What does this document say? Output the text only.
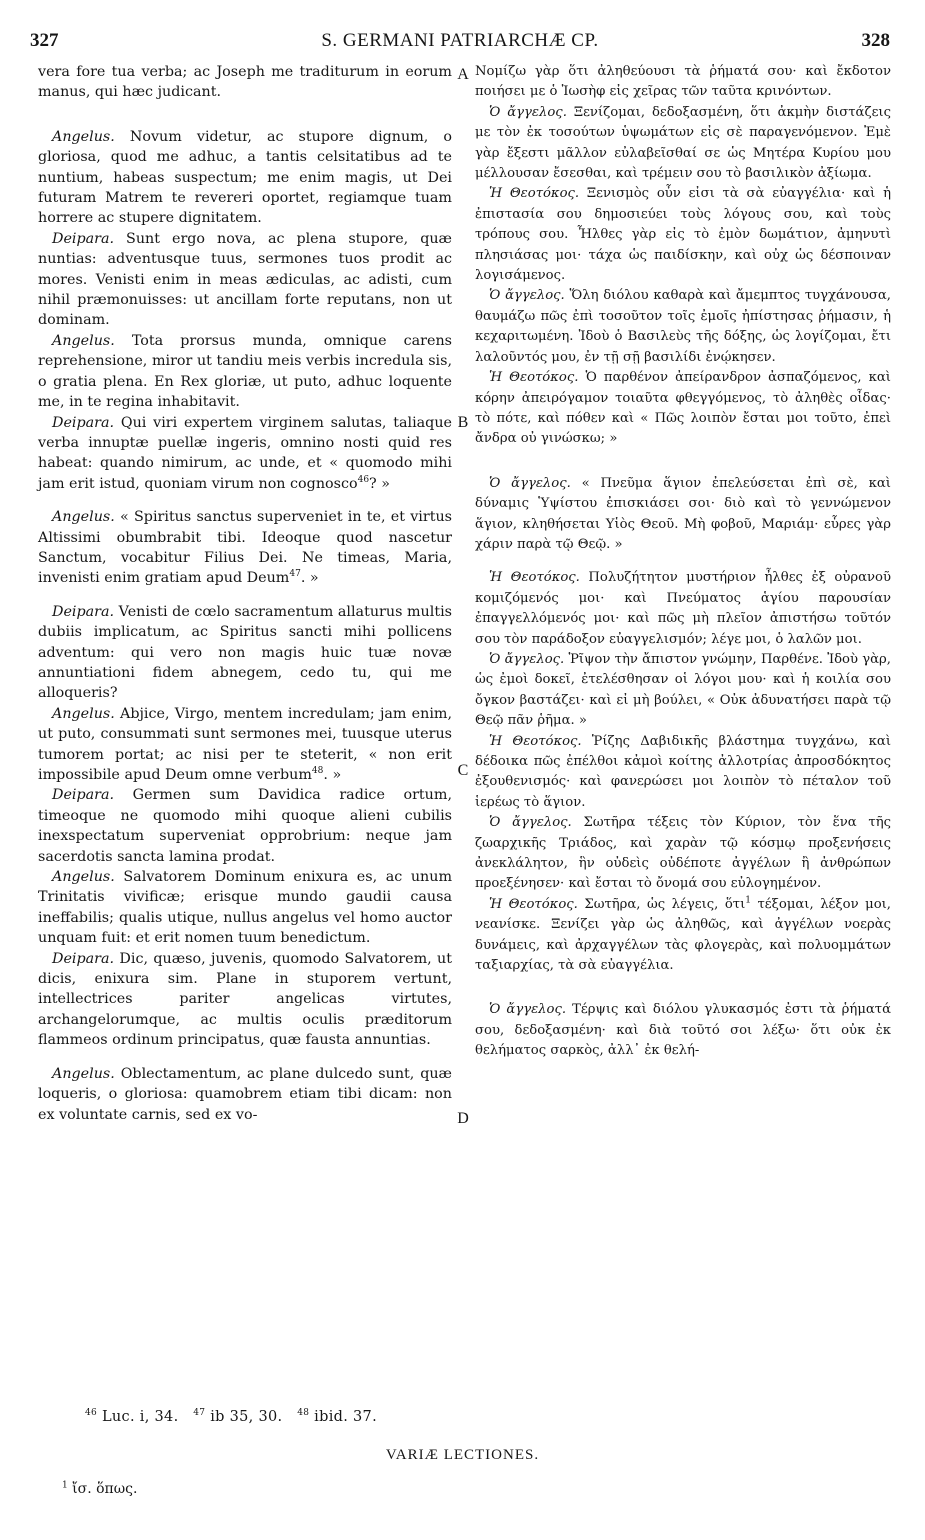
327	S. GERMANI PATRIARCHÆ CP.	328

vera fore tua verba; ac Joseph me traditurum in eorum manus, qui hæc judicant.

Angelus. Novum videtur, ac stupore dignum, o gloriosa, quod me adhuc, a tantis celsitatibus ad te nuntium, habeas suspectum; me enim magis, ut Dei futuram Matrem te revereri oportet, regiamque tuam horrere ac stupere dignitatem.

Deipara. Sunt ergo nova, ac plena stupore, quæ nuntias: adventusque tuus, sermones tuos prodit ac mores. Venisti enim in meas ædiculas, ac adisti, cum nihil præmonuisses: ut ancillam forte reputans, non ut dominam.

Angelus. Tota prorsus munda, omnique carens reprehensione, miror ut tandiu meis verbis incredula sis, o gratia plena. En Rex gloriæ, ut puto, adhuc loquente me, in te regina inhabitavit.

Deipara. Qui viri expertem virginem salutas, taliaque verba innuptæ puellæ ingeris, omnino nosti quid res habeat: quando nimirum, ac unde, et « quomodo mihi jam erit istud, quoniam virum non cognosco$^{46}$? »

Angelus. « Spiritus sanctus superveniet in te, et virtus Altissimi obumbrabit tibi. Ideoque quod nascetur Sanctum, vocabitur Filius Dei. Ne timeas, Maria, invenisti enim gratiam apud Deum$^{47}$. »

Deipara. Venisti de cœlo sacramentum allaturus multis dubiis implicatum, ac Spiritus sancti mihi pollicens adventum: qui vero non magis huic tuæ novæ annuntiationi fidem abnegem, cedo tu, qui me alloqueris?

Angelus. Abjice, Virgo, mentem incredulam; jam enim, ut puto, consummati sunt sermones mei, tuusque uterus tumorem portat; ac nisi per te steterit, « non erit impossibile apud Deum omne verbum$^{48}$. »

Deipara. Germen sum Davidica radice ortum, timeoque ne quomodo mihi quoque alieni cubilis inexspectatum superveniat opprobrium: neque jam sacerdotis sancta lamina prodat.

Angelus. Salvatorem Dominum enixura es, ac unum Trinitatis vivificæ; erisque mundo gaudii causa ineffabilis; qualis utique, nullus angelus vel homo auctor unquam fuit: et erit nomen tuum benedictum.

Deipara. Dic, quæso, juvenis, quomodo Salvatorem, ut dicis, enixura sim. Plane in stuporem vertunt, intellectrices pariter angelicas virtutes, archangelorumque, ac multis oculis præditorum flammeos ordinum principatus, quæ fausta annuntias.

Angelus. Oblectamentum, ac plane dulcedo sunt, quæ loqueris, o gloriosa: quamobrem etiam tibi dicam: non ex voluntate carnis, sed ex vo-

A
B
C
D

Νομίζω γὰρ ὅτι ἀληθεύουσι τὰ ῥήματά σου· καὶ ἔκδοτον ποιήσει με ὁ Ἰωσὴφ εἰς χεῖρας τῶν ταῦτα κρινόντων.

Ὁ ἄγγελος. Ξενίζομαι, δεδοξασμένη, ὅτι ἀκμὴν διστάζεις με τὸν ἐκ τοσούτων ὑψωμάτων εἰς σὲ παραγενόμενον. Ἐμὲ γὰρ ἔξεστι μᾶλλον εὐλαβεῖσθαί σε ὡς Μητέρα Κυρίου μου μέλλουσαν ἔσεσθαι, καὶ τρέμειν σου τὸ βασιλικὸν ἀξίωμα.

Ἡ Θεοτόκος. Ξενισμὸς οὖν εἰσι τὰ σὰ εὐαγγέλια· καὶ ἡ ἐπιστασία σου δημοσιεύει τοὺς λόγους σου, καὶ τοὺς τρόπους σου. Ἦλθες γὰρ εἰς τὸ ἐμὸν δωμάτιον, ἀμηνυτὶ πλησιάσας μοι· τάχα ὡς παιδίσκην, καὶ οὐχ ὡς δέσποιναν λογισάμενος.

Ὁ ἄγγελος. Ὅλη διόλου καθαρὰ καὶ ἄμεμπτος τυγχάνουσα, θαυμάζω πῶς ἐπὶ τοσοῦτον τοῖς ἐμοῖς ἠπίστησας ῥήμασιν, ἡ κεχαριτωμένη. Ἰδοὺ ὁ Βασιλεὺς τῆς δόξης, ὡς λογίζομαι, ἔτι λαλοῦντός μου, ἐν τῇ σῇ βασιλίδι ἐνῴκησεν.

Ἡ Θεοτόκος. Ὁ παρθένον ἀπείρανδρον ἀσπαζόμενος, καὶ κόρην ἀπειρόγαμον τοιαῦτα φθεγγόμενος, τὸ ἀληθὲς οἶδας· τὸ πότε, καὶ πόθεν καὶ « Πῶς λοιπὸν ἔσται μοι τοῦτο, ἐπεὶ ἄνδρα οὐ γινώσκω; »

Ὁ ἄγγελος. « Πνεῦμα ἅγιον ἐπελεύσεται ἐπὶ σὲ, καὶ δύναμις Ὑψίστου ἐπισκιάσει σοι· διὸ καὶ τὸ γεννώμενον ἅγιον, κληθήσεται Υἱὸς Θεοῦ. Μὴ φοβοῦ, Μαριάμ· εὗρες γὰρ χάριν παρὰ τῷ Θεῷ. »

Ἡ Θεοτόκος. Πολυζήτητον μυστήριον ἦλθες ἐξ οὐρανοῦ κομιζόμενός μοι· καὶ Πνεύματος ἁγίου παρουσίαν ἐπαγγελλόμενός μοι· καὶ πῶς μὴ πλεῖον ἀπιστήσω τοῦτόν σου τὸν παράδοξον εὐαγγελισμόν; λέγε μοι, ὁ λαλῶν μοι.

Ὁ ἄγγελος. Ῥῖψον τὴν ἄπιστον γνώμην, Παρθένε. Ἰδοὺ γὰρ, ὡς ἐμοὶ δοκεῖ, ἐτελέσθησαν οἱ λόγοι μου· καὶ ἡ κοιλία σου ὄγκον βαστάζει· καὶ εἰ μὴ βούλει, « Οὐκ ἀδυνατήσει παρὰ τῷ Θεῷ πᾶν ῥῆμα. »

Ἡ Θεοτόκος. Ῥίζης Δαβιδικῆς βλάστημα τυγχάνω, καὶ δέδοικα πῶς ἐπέλθοι κἀμοὶ κοίτης ἀλλοτρίας ἀπροσδόκητος ἐξουθενισμός· καὶ φανερώσει μοι λοιπὸν τὸ πέταλον τοῦ ἱερέως τὸ ἅγιον.

Ὁ ἄγγελος. Σωτῆρα τέξεις τὸν Κύριον, τὸν ἕνα τῆς ζωαρχικῆς Τριάδος, καὶ χαρὰν τῷ κόσμῳ προξενήσεις ἀνεκλάλητον, ἣν οὐδεὶς οὐδέποτε ἀγγέλων ἢ ἀνθρώπων προεξένησεν· καὶ ἔσται τὸ ὄνομά σου εὐλογημένον.

Ἡ Θεοτόκος. Σωτῆρα, ὡς λέγεις, ὅτι$^1$ τέξομαι, λέξον μοι, νεανίσκε. Ξενίζει γὰρ ὡς ἀληθῶς, καὶ ἀγγέλων νοερὰς δυνάμεις, καὶ ἀρχαγγέλων τὰς φλογερὰς, καὶ πολυομμάτων ταξιαρχίας, τὰ σὰ εὐαγγέλια.

Ὁ ἄγγελος. Τέρψις καὶ διόλου γλυκασμός ἐστι τὰ ῥήματά σου, δεδοξασμένη· καὶ διὰ τοῦτό σοι λέξω· ὅτι οὐκ ἐκ θελήματος σαρκὸς, ἀλλ᾽ ἐκ θελή-

$^{46}$ Luc. i, 34. $^{47}$ ib 35, 30. $^{48}$ ibid. 37.
VARIÆ LECTIONES.
$^1$ ἴσ. ὅπως.
